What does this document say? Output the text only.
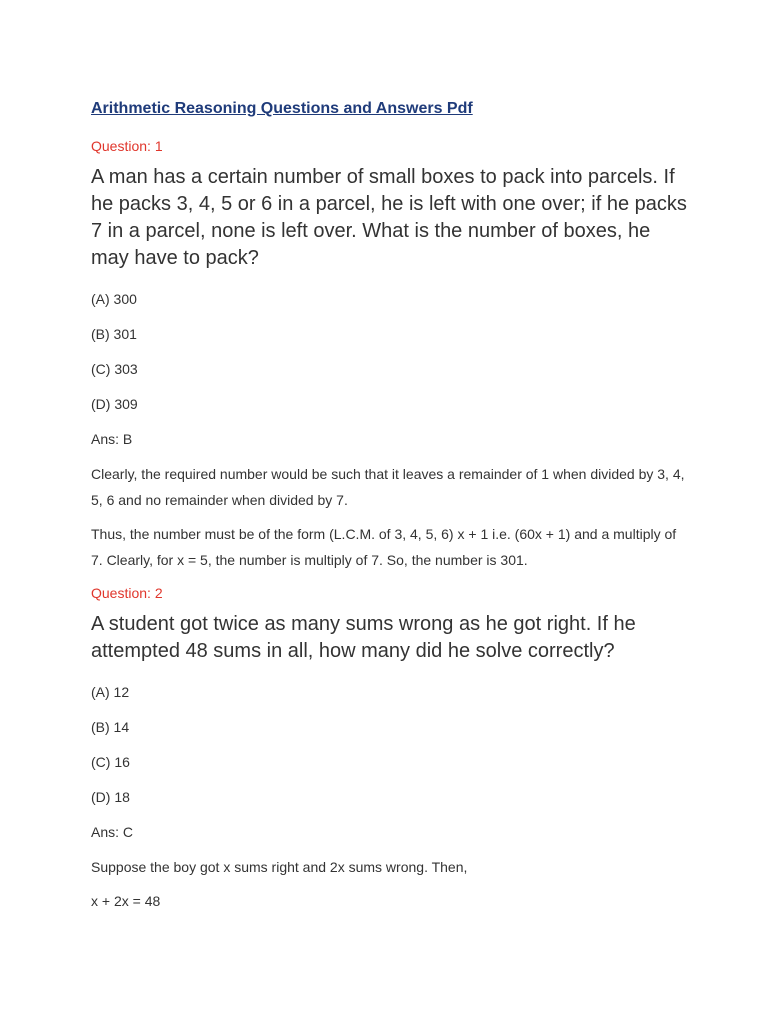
Arithmetic Reasoning Questions and Answers Pdf
Question: 1

A man has a certain number of small boxes to pack into parcels. If he packs 3, 4, 5 or 6 in a parcel, he is left with one over; if he packs 7 in a parcel, none is left over. What is the number of boxes, he may have to pack?

(A) 300
(B) 301
(C) 303
(D) 309
Ans: B

Clearly, the required number would be such that it leaves a remainder of 1 when divided by 3, 4, 5, 6 and no remainder when divided by 7.

Thus, the number must be of the form (L.C.M. of 3, 4, 5, 6) x + 1 i.e. (60x + 1) and a multiply of 7. Clearly, for x = 5, the number is multiply of 7. So, the number is 301.

Question: 2

A student got twice as many sums wrong as he got right. If he attempted 48 sums in all, how many did he solve correctly?

(A) 12
(B) 14
(C) 16
(D) 18
Ans: C

Suppose the boy got x sums right and 2x sums wrong. Then,

x + 2x = 48
